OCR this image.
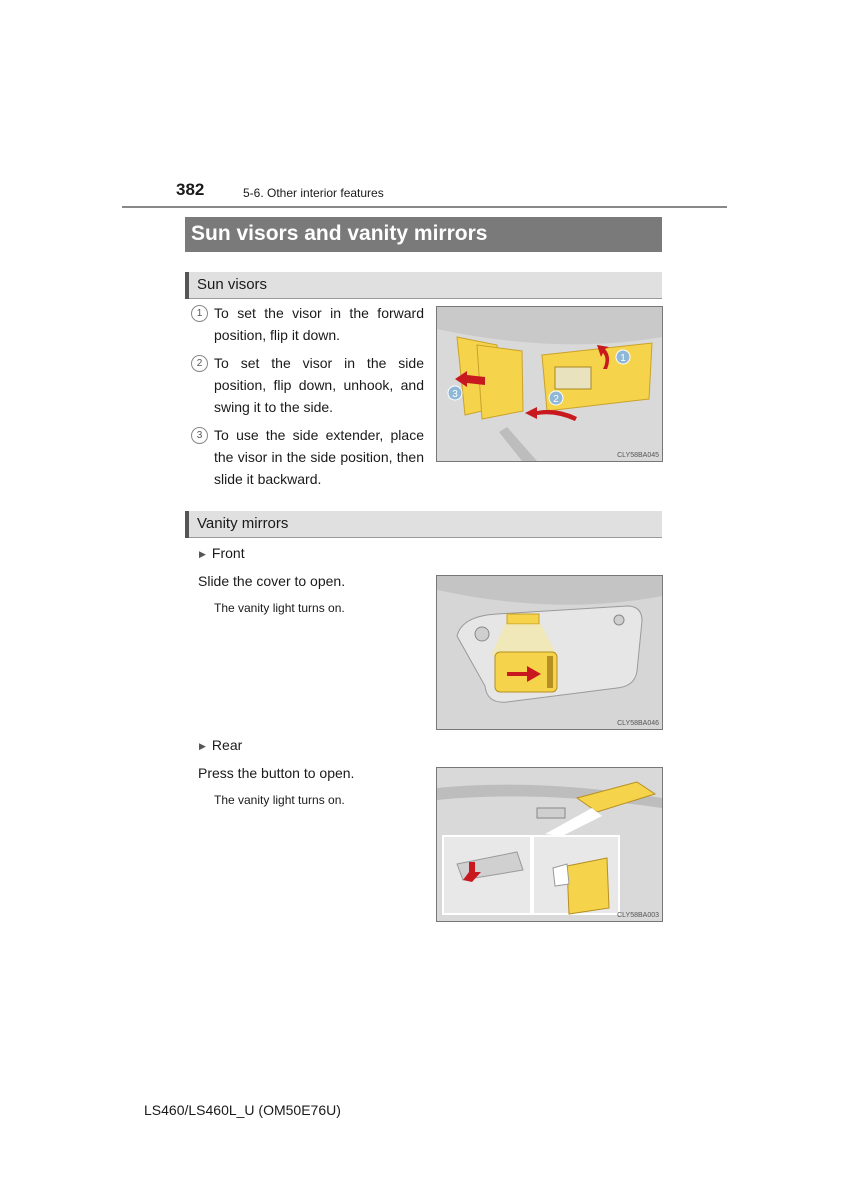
382	5-6. Other interior features
Sun visors and vanity mirrors
Sun visors
1 To set the visor in the forward position, flip it down.
2 To set the visor in the side position, flip down, unhook, and swing it to the side.
3 To use the side extender, place the visor in the side position, then slide it backward.
1
2
3
CLY58BA045
Vanity mirrors
▶ Front
Slide the cover to open.
The vanity light turns on.
CLY58BA046
▶ Rear
Press the button to open.
The vanity light turns on.
CLY58BA003
LS460/LS460L_U (OM50E76U)
